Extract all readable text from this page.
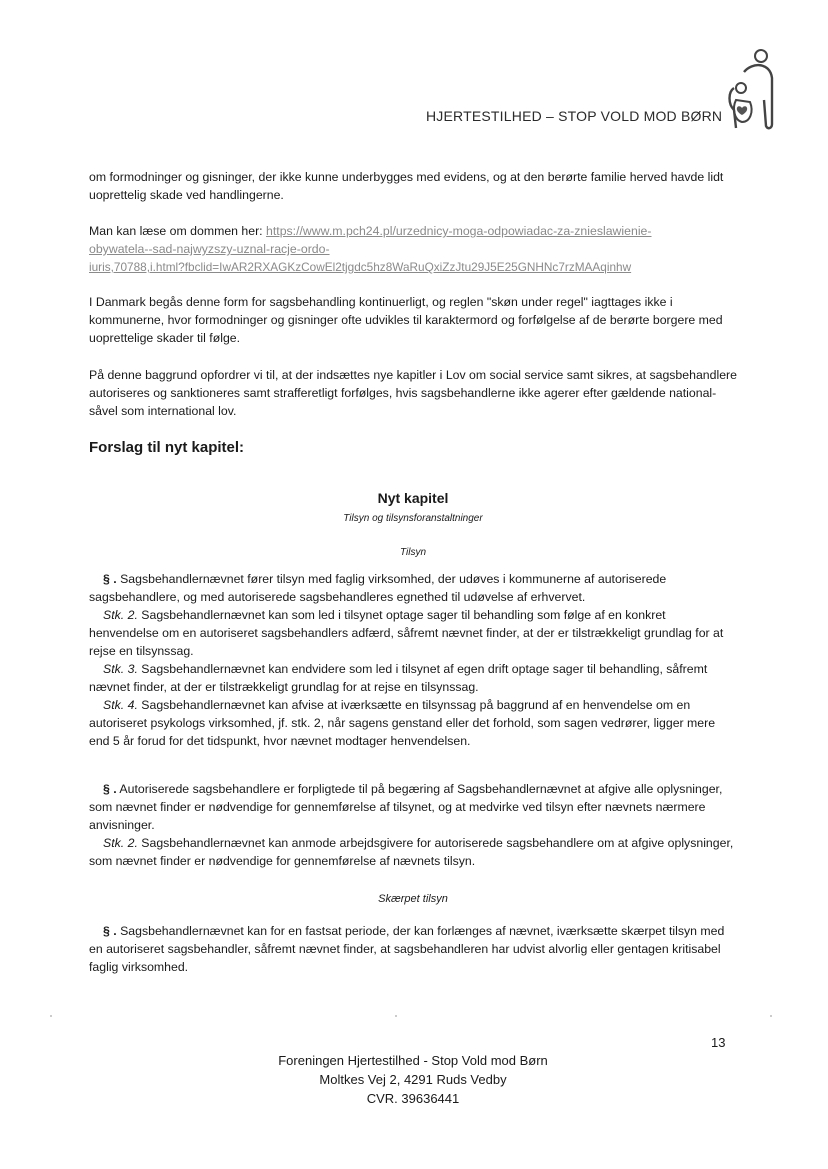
HJERTESTILHED – STOP VOLD MOD BØRN

om formodninger og gisninger, der ikke kunne underbygges med evidens, og at den berørte familie herved havde lidt uoprettelig skade ved handlingerne.

Man kan læse om dommen her: https://www.m.pch24.pl/urzednicy-moga-odpowiadac-za-znieslawienie-
obywatela--sad-najwyzszy-uznal-racje-ordo-
iuris,70788,i.html?fbclid=IwAR2RXAGKzCowEl2tjgdc5hz8WaRuQxiZzJtu29J5E25GNHNc7rzMAAqinhw

I Danmark begås denne form for sagsbehandling kontinuerligt, og reglen "skøn under regel" iagttages ikke i kommunerne, hvor formodninger og gisninger ofte udvikles til karaktermord og forfølgelse af de berørte borgere med uoprettelige skader til følge.

På denne baggrund opfordrer vi til, at der indsættes nye kapitler i Lov om social service samt sikres, at sagsbehandlere autoriseres og sanktioneres samt strafferetligt forfølges, hvis sagsbehandlerne ikke agerer efter gældende national- såvel som international lov.

Forslag til nyt kapitel:
Nyt kapitel
Tilsyn og tilsynsforanstaltninger
Tilsyn

§ . Sagsbehandlernævnet fører tilsyn med faglig virksomhed, der udøves i kommunerne af autoriserede sagsbehandlere, og med autoriserede sagsbehandleres egnethed til udøvelse af erhvervet.

Stk. 2. Sagsbehandlernævnet kan som led i tilsynet optage sager til behandling som følge af en konkret henvendelse om en autoriseret sagsbehandlers adfærd, såfremt nævnet finder, at der er tilstrækkeligt grundlag for at rejse en tilsynssag.

Stk. 3. Sagsbehandlernævnet kan endvidere som led i tilsynet af egen drift optage sager til behandling, såfremt nævnet finder, at der er tilstrækkeligt grundlag for at rejse en tilsynssag.

Stk. 4. Sagsbehandlernævnet kan afvise at iværksætte en tilsynssag på baggrund af en henvendelse om en autoriseret psykologs virksomhed, jf. stk. 2, når sagens genstand eller det forhold, som sagen vedrører, ligger mere end 5 år forud for det tidspunkt, hvor nævnet modtager henvendelsen.

§ . Autoriserede sagsbehandlere er forpligtede til på begæring af Sagsbehandlernævnet at afgive alle oplysninger, som nævnet finder er nødvendige for gennemførelse af tilsynet, og at medvirke ved tilsyn efter nævnets nærmere anvisninger.

Stk. 2. Sagsbehandlernævnet kan anmode arbejdsgivere for autoriserede sagsbehandlere om at afgive oplysninger, som nævnet finder er nødvendige for gennemførelse af nævnets tilsyn.

Skærpet tilsyn

§ . Sagsbehandlernævnet kan for en fastsat periode, der kan forlænges af nævnet, iværksætte skærpet tilsyn med en autoriseret sagsbehandler, såfremt nævnet finder, at sagsbehandleren har udvist alvorlig eller gentagen kritisabel faglig virksomhed.

13
Foreningen Hjertestilhed - Stop Vold mod Børn
Moltkes Vej 2, 4291 Ruds Vedby
CVR. 39636441
